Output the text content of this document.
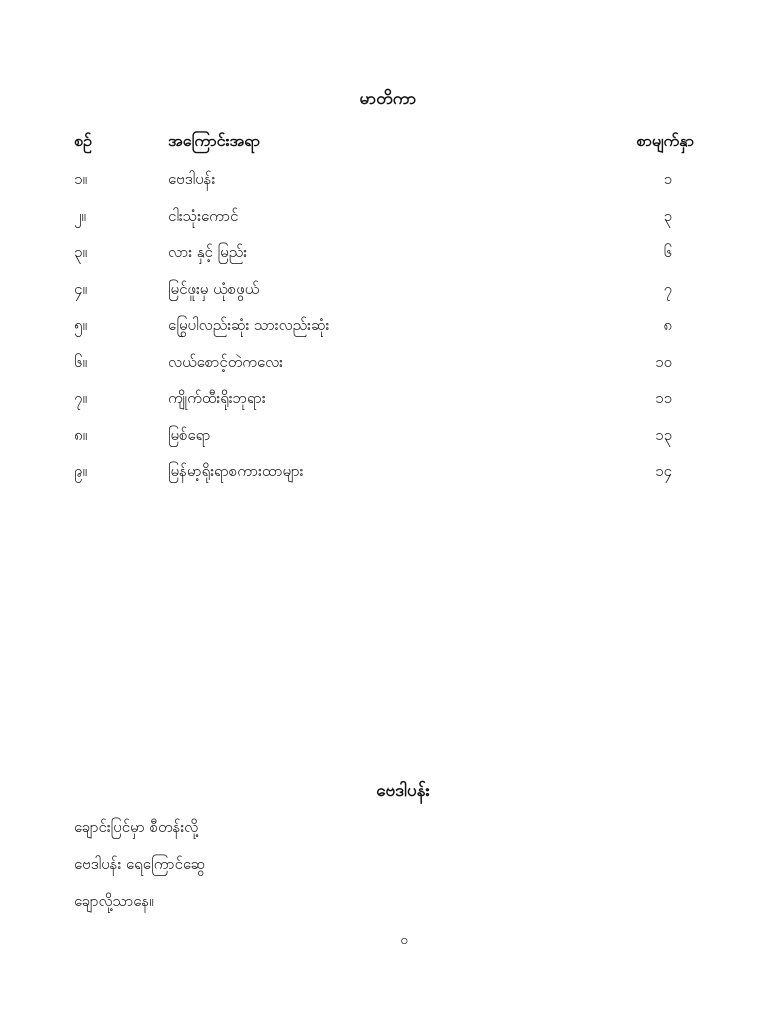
မာတိကာ
စဉ်	အကြောင်းအရာ	စာမျက်နှာ
၁။	ဗေဒါပန်း	၁
၂။	ငါးသုံးကောင်	၃
၃။	လား နှင့် မြည်း	၆
၄။	မြင်ဖူးမှ ယုံစဖွယ်	၇
၅။	မြွေပါလည်းဆုံး သားလည်းဆုံး	၈
၆။	လယ်စောင့်တဲကလေး	၁၀
၇။	ကျိုက်ထီးရိုးဘုရား	၁၁
၈။	မြစ်ရော	၁၃
၉။	မြန်မာ့ရိုးရာစကားထာများ	၁၄
ဗေဒါပန်း
ချောင်းပြင်မှာ စီတန်းလို့
ဗေဒါပန်း ရေကြောင်ဆွေ
ချောလို့သာနေ။
၀
